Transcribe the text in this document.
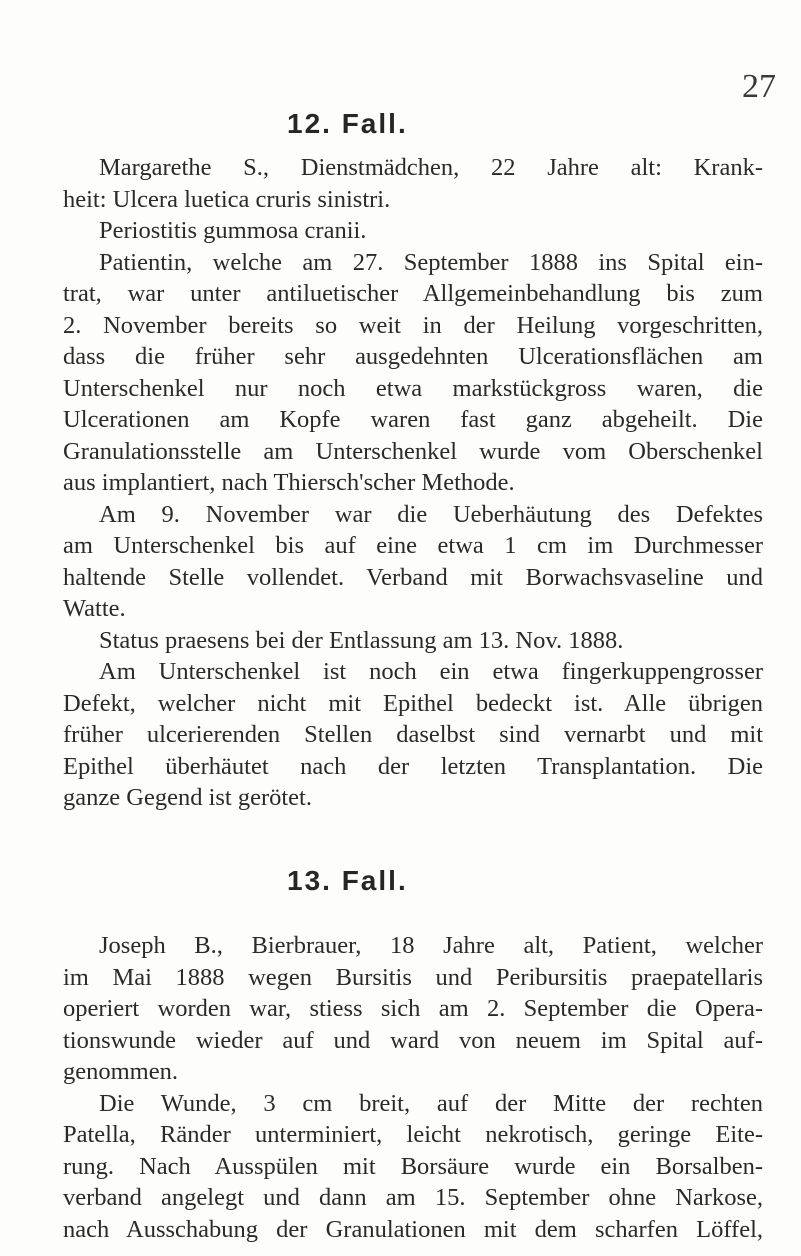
27
12. Fall.
Margarethe S., Dienstmädchen, 22 Jahre alt: Krank-
heit: Ulcera luetica cruris sinistri.
Periostitis gummosa cranii.
Patientin, welche am 27. September 1888 ins Spital ein-
trat, war unter antiluetischer Allgemeinbehandlung bis zum
2. November bereits so weit in der Heilung vorgeschritten,
dass die früher sehr ausgedehnten Ulcerationsflächen am
Unterschenkel nur noch etwa markstückgross waren, die
Ulcerationen am Kopfe waren fast ganz abgeheilt. Die
Granulationsstelle am Unterschenkel wurde vom Oberschenkel
aus implantiert, nach Thiersch'scher Methode.
Am 9. November war die Ueberhäutung des Defektes
am Unterschenkel bis auf eine etwa 1 cm im Durchmesser
haltende Stelle vollendet. Verband mit Borwachsvaseline und
Watte.
Status praesens bei der Entlassung am 13. Nov. 1888.
Am Unterschenkel ist noch ein etwa fingerkuppengrosser
Defekt, welcher nicht mit Epithel bedeckt ist. Alle übrigen
früher ulcerierenden Stellen daselbst sind vernarbt und mit
Epithel überhäutet nach der letzten Transplantation. Die
ganze Gegend ist gerötet.
13. Fall.
Joseph B., Bierbrauer, 18 Jahre alt, Patient, welcher
im Mai 1888 wegen Bursitis und Peribursitis praepatellaris
operiert worden war, stiess sich am 2. September die Opera-
tionswunde wieder auf und ward von neuem im Spital auf-
genommen.
Die Wunde, 3 cm breit, auf der Mitte der rechten
Patella, Ränder unterminiert, leicht nekrotisch, geringe Eite-
rung. Nach Ausspülen mit Borsäure wurde ein Borsalben-
verband angelegt und dann am 15. September ohne Narkose,
nach Ausschabung der Granulationen mit dem scharfen Löffel,
